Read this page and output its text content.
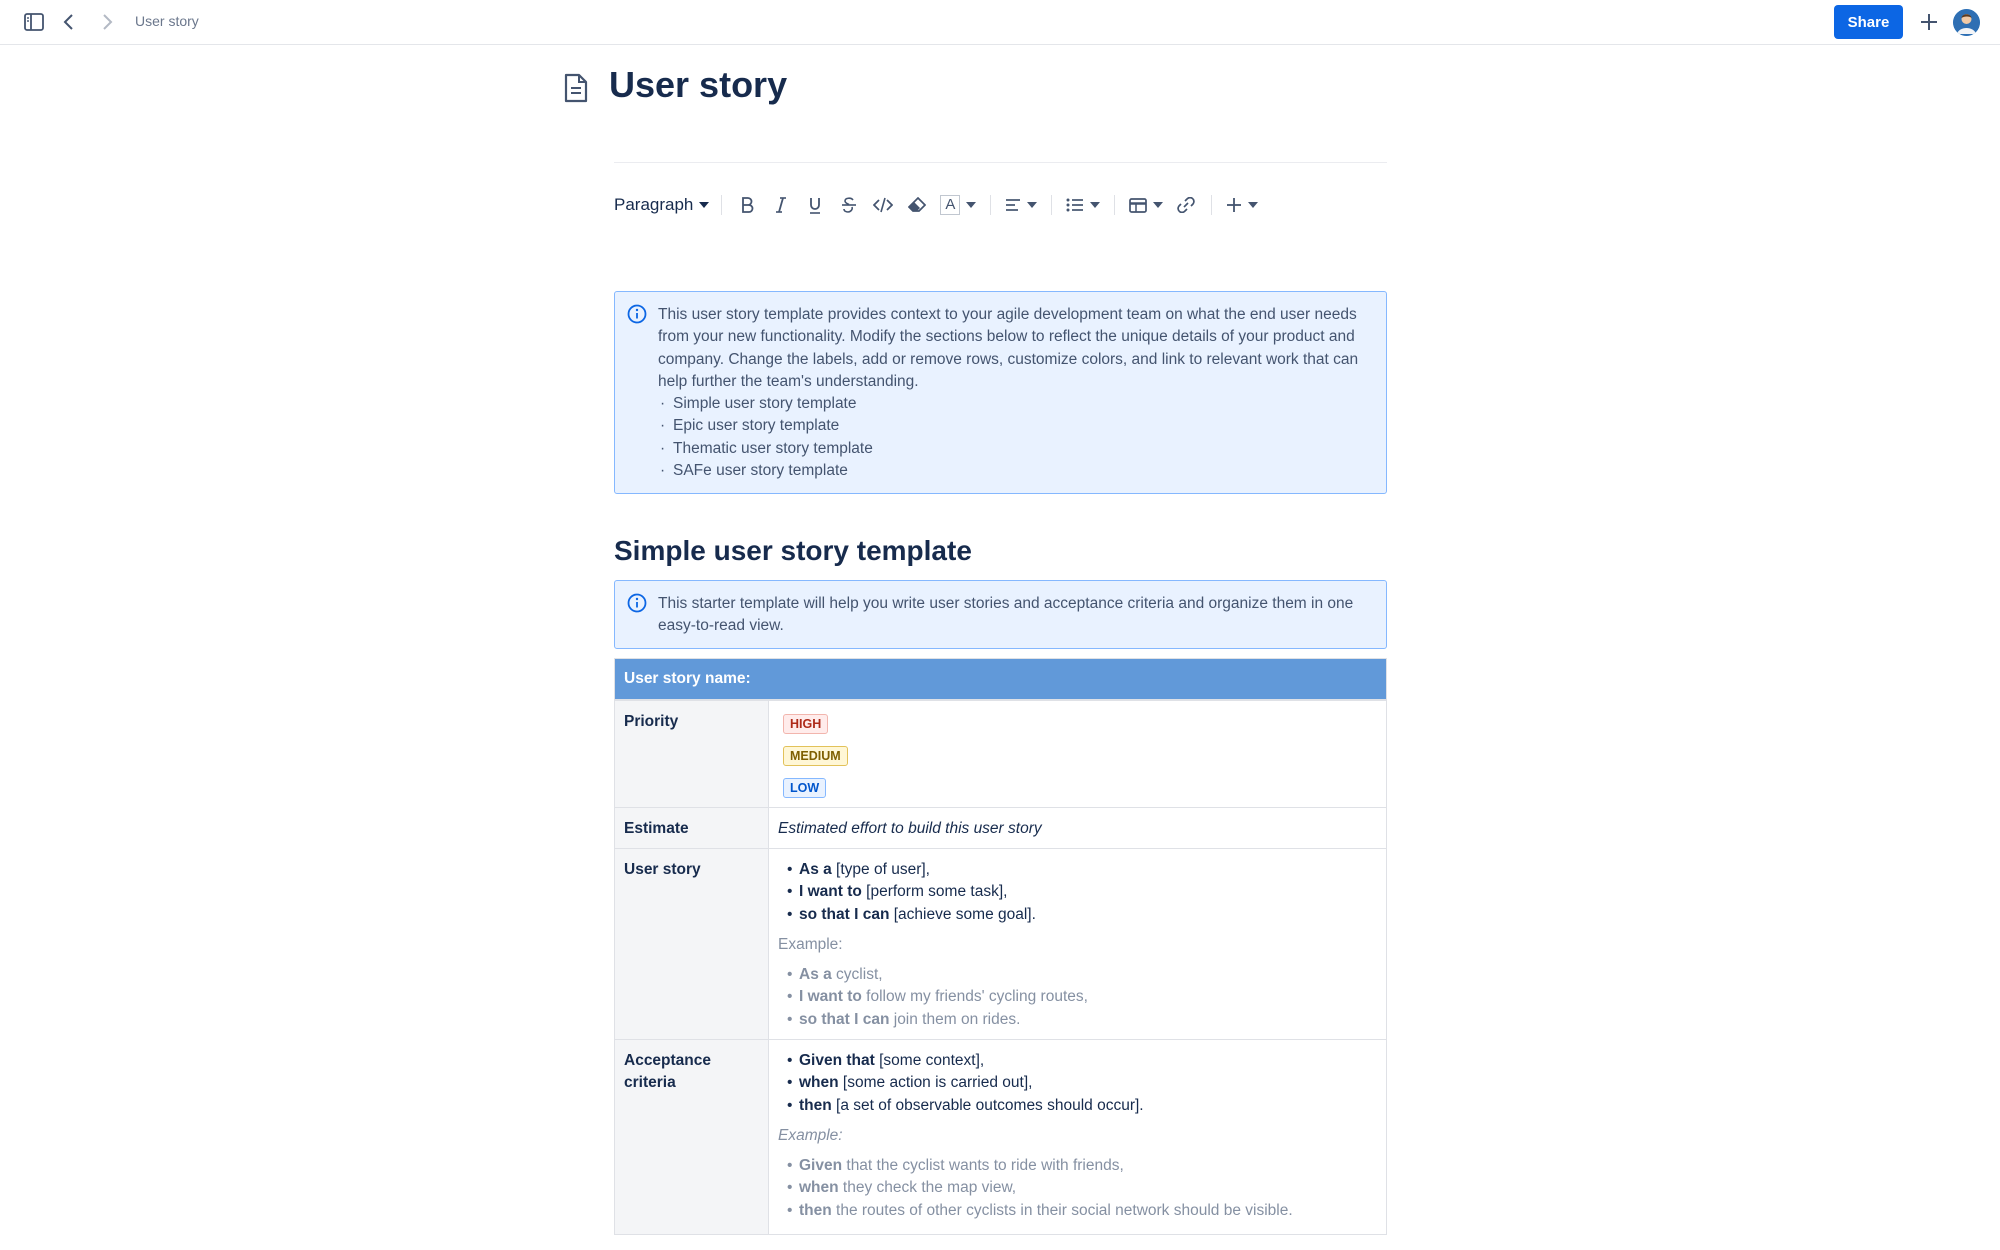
User story	Share
User story
Paragraph	A

This user story template provides context to your agile development team on what the end user needs from your new functionality. Modify the sections below to reflect the unique details of your product and company. Change the labels, add or remove rows, customize colors, and link to relevant work that can help further the team's understanding.

· Simple user story template
· Epic user story template
· Thematic user story template
· SAFe user story template
Simple user story template
This starter template will help you write user stories and acceptance criteria and organize them in one easy-to-read view.
User story name:
Priority	HIGH
MEDIUM
LOW
Estimate	Estimated effort to build this user story
User story
•	As a [type of user],
• I want to [perform some task],
• so that I can [achieve some goal].

Example:

• As a cyclist,
• I want to follow my friends' cycling routes,
• so that I can join them on rides.
Acceptance criteria
• Given that [some context],
• when [some action is carried out],
• then [a set of observable outcomes should occur].

Example:

• Given that the cyclist wants to ride with friends,
• when they check the map view,
• then the routes of other cyclists in their social network should be visible.
